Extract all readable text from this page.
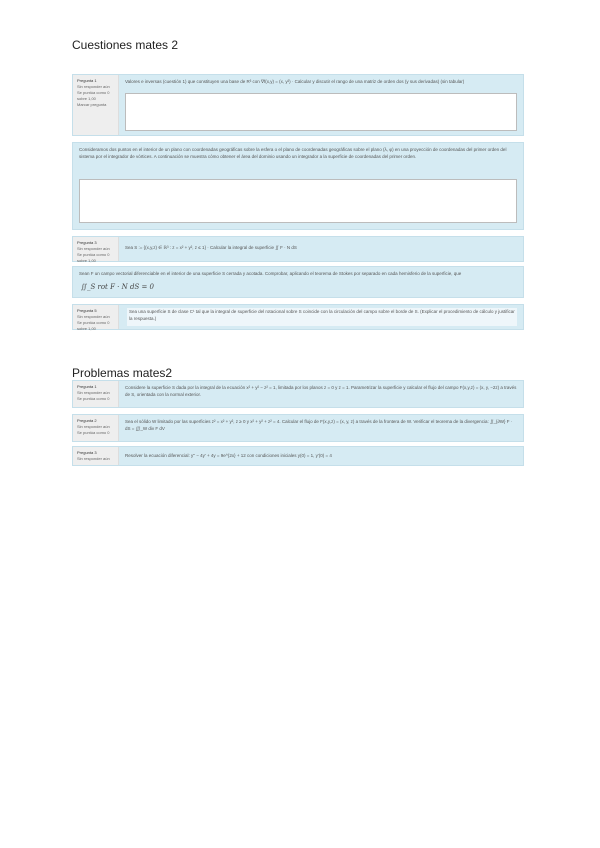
Cuestiones mates 2
Pregunta 1
Sin responder aún
Se puntúa como 0 sobre 1,00
Marcar pregunta
Valores e inversas (cuestión 1) que constituyen una base de R³ con ∇f(x,y) = (x, y²) · Calcular y discutir el rango de una matriz de orden dos (y sus derivadas) (sin tabular)
Consideramos dos puntos en el interior de un plano con coordenadas geográficas sobre la esfera o el plano de coordenadas geográficas sobre el plano (λ, φ) en una proyección de coordenadas del primer orden del sistema por el integrador de vórtices. A continuación se muestra cómo obtener el área del dominio usando un integrador a la superficie de coordenadas del primer orden.
Pregunta 3
Sin responder aún
Se puntúa como 0 sobre 1,00
Sea S := {(x,y,z) ∈ ℝ³ : z = x² + y², z ≤ 1} · Calcular la integral de superficie ∬ F · N dS
Sean F un campo vectorial diferenciable en el interior de una superficie S cerrada y acotada. Comprobar, aplicando el teorema de Stokes por separado en cada hemisferio de la superficie, que
∬_S rot F · N dS = 0
Pregunta 5
Sin responder aún
Se puntúa como 0 sobre 1,00
Sea una superficie S de clase C¹ tal que la integral de superficie del rotacional sobre S coincide con la circulación del campo sobre el borde de S. (Explicar el procedimiento de cálculo y justificar la respuesta.)
Problemas mates2
Pregunta 1
Sin responder aún
Se puntúa como 0
Considere la superficie S dada por la integral de la ecuación x² + y² − z² = 1, limitada por los planos z = 0 y z = 1. Parametrizar la superficie y calcular el flujo del campo F(x,y,z) = (x, y, −2z) a través de S, orientada con la normal exterior.
Pregunta 2
Sin responder aún
Se puntúa como 0
Sea el sólido W limitado por las superficies z² = x² + y², z ≥ 0 y x² + y² + z² = 4. Calcular el flujo de F(x,y,z) = (x, y, z) a través de la frontera de W. Verificar el teorema de la divergencia: ∬_{∂W} F · dS = ∭_W div F dV
Pregunta 3
Sin responder aún
Resolver la ecuación diferencial: y'' − 4y' + 4y = 9e^{2x} + 12 con condiciones iniciales y(0) = 1, y'(0) = 4
